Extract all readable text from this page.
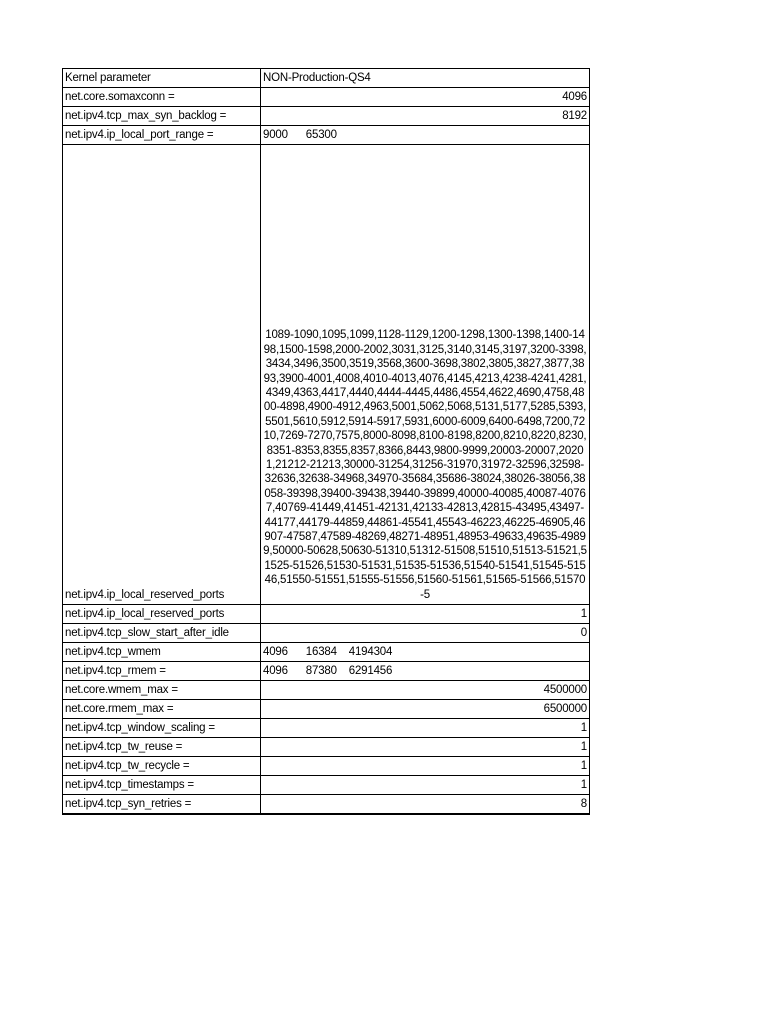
Kernel parameter	NON-Production-QS4
net.core.somaxconn =	4096
net.ipv4.tcp_max_syn_backlog =	8192
net.ipv4.ip_local_port_range =	9000 65300
net.ipv4.ip_local_reserved_ports	1089-1090,1095,1099,1128-1129,1200-1298,1300-1398,1400-1498,1500-1598,2000-2002,3031,3125,3140,3145,3197,3200-3398,3434,3496,3500,3519,3568,3600-3698,3802,3805,3827,3877,3893,3900-4001,4008,4010-4013,4076,4145,4213,4238-4241,4281,4349,4363,4417,4440,4444-4445,4486,4554,4622,4690,4758,4800-4898,4900-4912,4963,5001,5062,5068,5131,5177,5285,5393,5501,5610,5912,5914-5917,5931,6000-6009,6400-6498,7200,7210,7269-7270,7575,8000-8098,8100-8198,8200,8210,8220,8230,8351-8353,8355,8357,8366,8443,9800-9999,20003-20007,20201,21212-21213,30000-31254,31256-31970,31972-32596,32598-32636,32638-34968,34970-35684,35686-38024,38026-38056,38058-39398,39400-39438,39440-39899,40000-40085,40087-40767,40769-41449,41451-42131,42133-42813,42815-43495,43497-44177,44179-44859,44861-45541,45543-46223,46225-46905,46907-47587,47589-48269,48271-48951,48953-49633,49635-49899,50000-50628,50630-51310,51312-51508,51510,51513-51521,51525-51526,51530-51531,51535-51536,51540-51541,51545-51546,51550-51551,51555-51556,51560-51561,51565-51566,51570-5
net.ipv4.ip_local_reserved_ports	1
net.ipv4.tcp_slow_start_after_idle	0
net.ipv4.tcp_wmem	4096 16384 4194304
net.ipv4.tcp_rmem =	4096 87380 6291456
net.core.wmem_max =	4500000
net.core.rmem_max =	6500000
net.ipv4.tcp_window_scaling =	1
net.ipv4.tcp_tw_reuse =	1
net.ipv4.tcp_tw_recycle =	1
net.ipv4.tcp_timestamps =	1
net.ipv4.tcp_syn_retries =	8
